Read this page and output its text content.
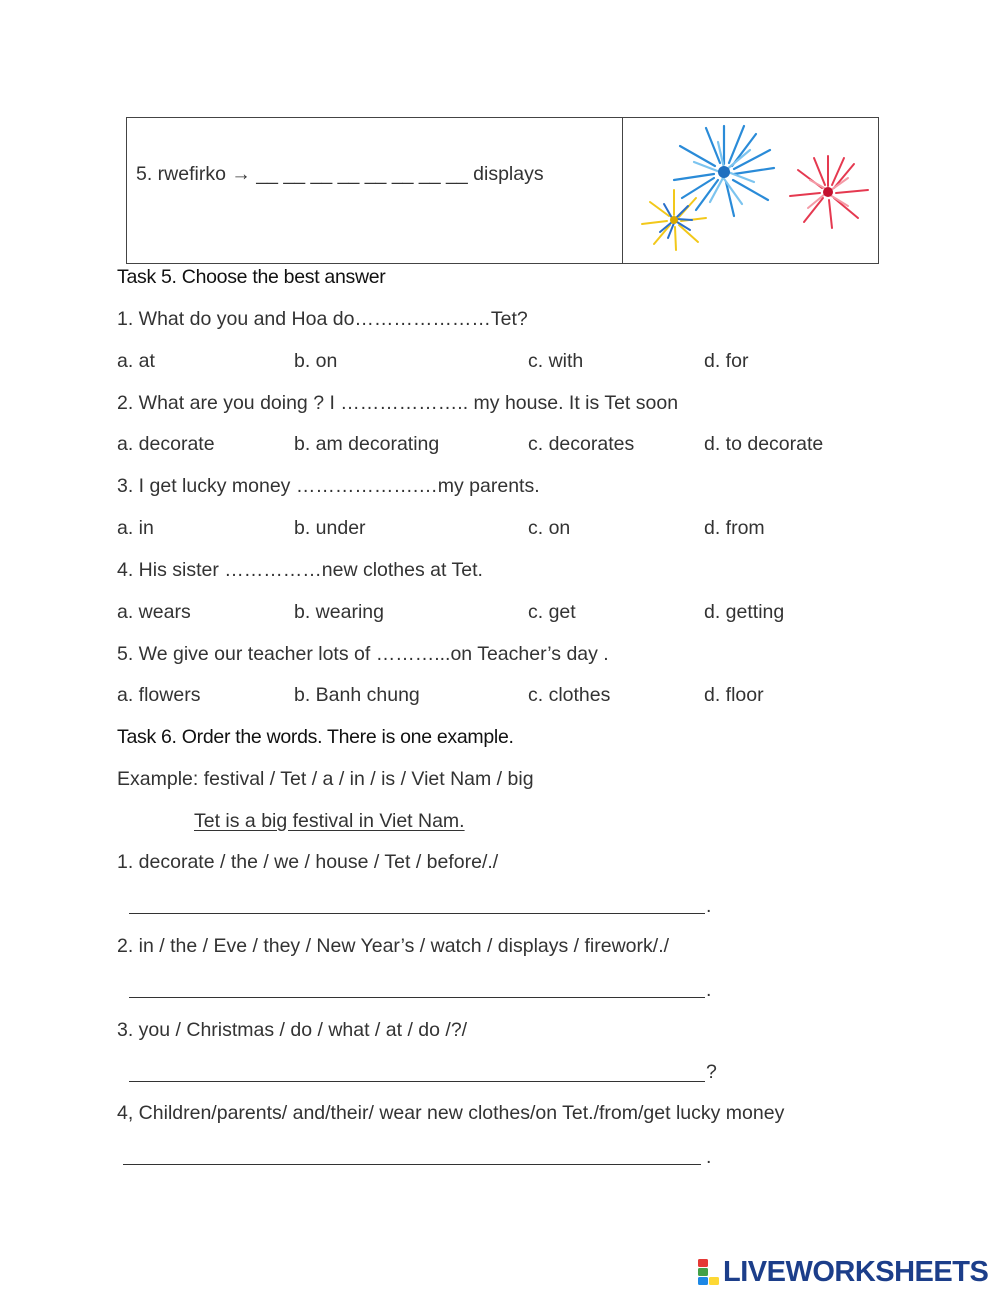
5. rwefirko → __ __ __ __ __ __ __ __ displays
Task 5. Choose the best answer
1. What do you and Hoa do…………………Tet?
a. at	b. on	c. with	d. for
2. What are you doing ? I ……………….. my house. It is Tet soon
a. decorate	b. am decorating	c. decorates	d. to decorate
3. I get lucky money ……………….…my parents.
a. in	b. under	c. on	d. from
4. His sister ……………new clothes at Tet.
a. wears	b. wearing	c. get	d. getting
5. We give our teacher lots of ………...on Teacher’s day .
a. flowers	b. Banh chung	c. clothes	d. floor
Task 6. Order the words. There is one example.
Example: festival / Tet / a / in / is / Viet Nam / big
Tet is a big festival in Viet Nam.
1. decorate / the / we / house / Tet / before/./
.
2. in / the / Eve / they / New Year’s / watch / displays / firework/./
.
3. you / Christmas / do / what / at / do /?/
?
4, Children/parents/ and/their/ wear new clothes/on Tet./from/get lucky money
.
LIVEWORKSHEETS
